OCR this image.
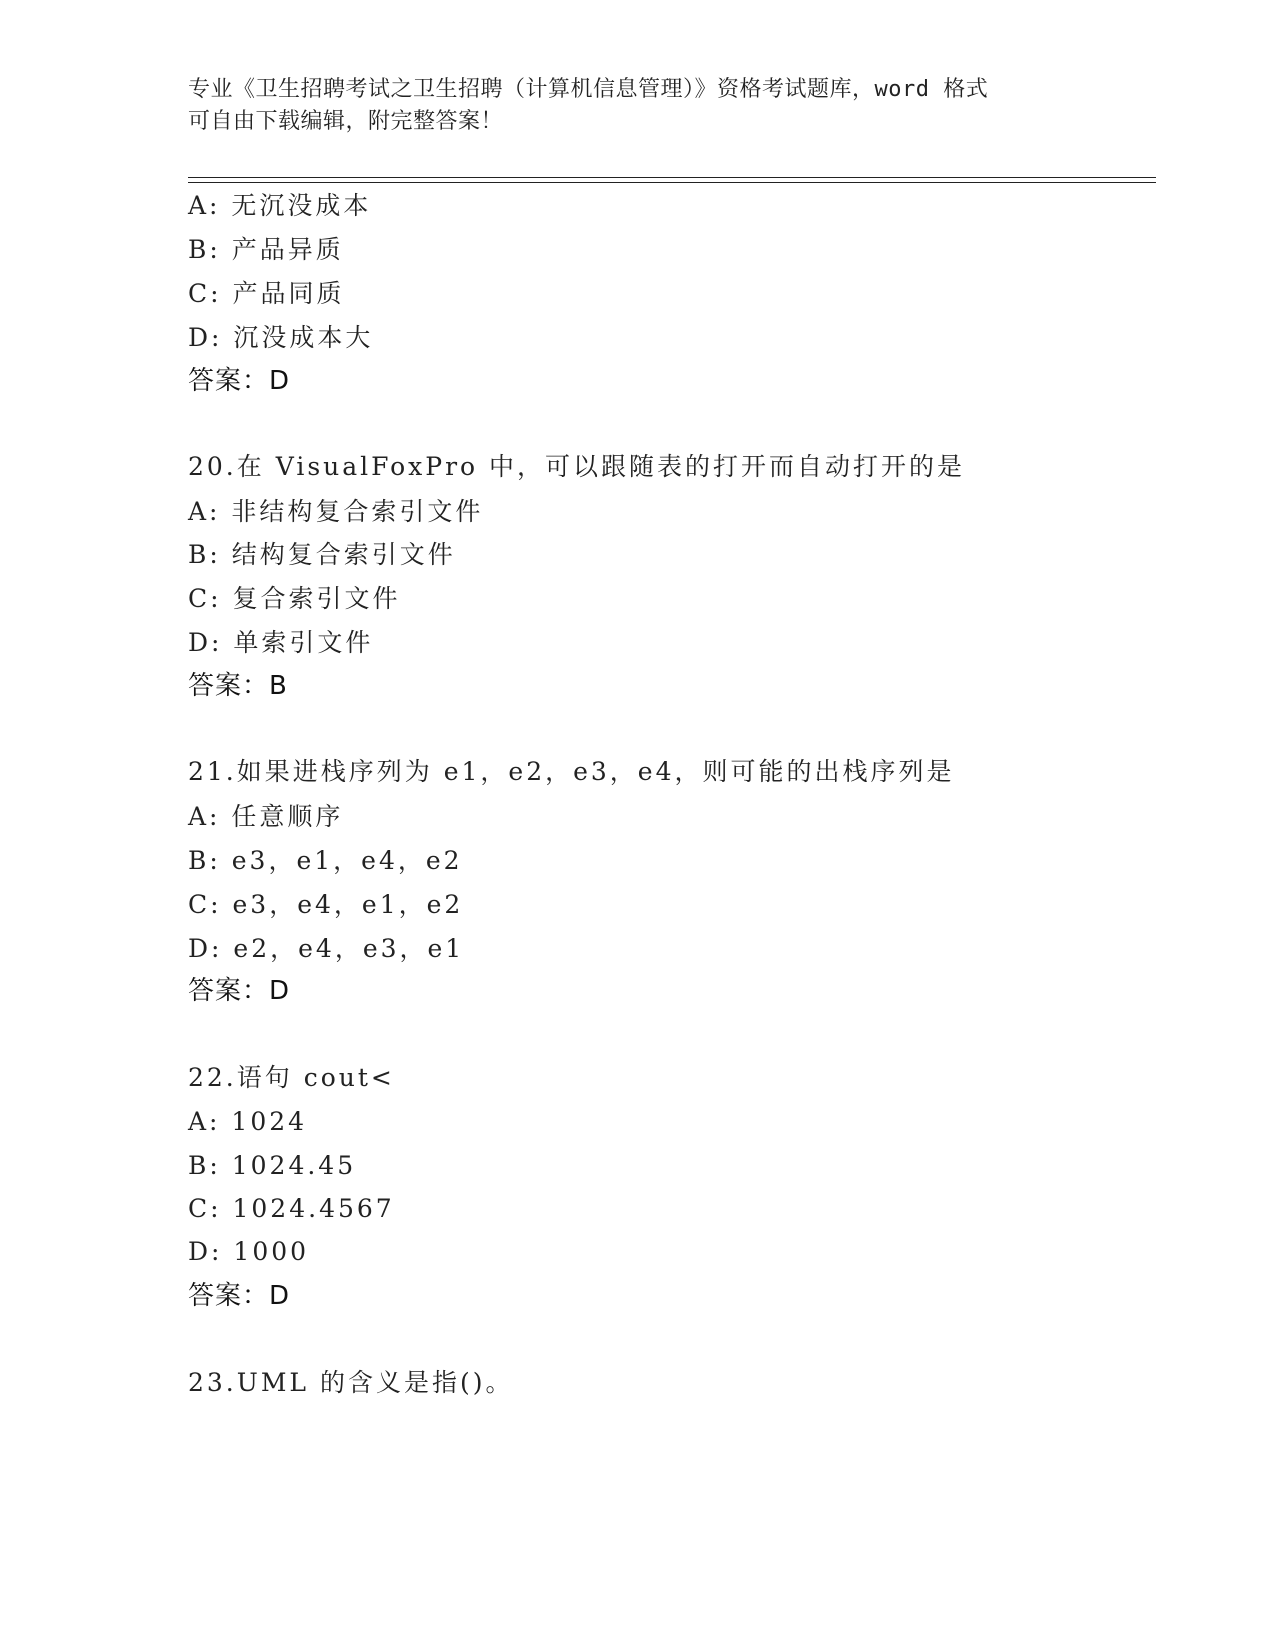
专业《卫生招聘考试之卫生招聘（计算机信息管理）》资格考试题库，word 格式
可自由下载编辑，附完整答案！
A: 无沉没成本
B: 产品异质
C: 产品同质
D: 沉没成本大
答案：D
20.在 VisualFoxPro 中，可以跟随表的打开而自动打开的是
A: 非结构复合索引文件
B: 结构复合索引文件
C: 复合索引文件
D: 单索引文件
答案：B
21.如果进栈序列为 e1，e2，e3，e4，则可能的出栈序列是
A: 任意顺序
B: e3，e1，e4，e2
C: e3，e4，e1，e2
D: e2，e4，e3，e1
答案：D
22.语句 cout<
A: 1024
B: 1024.45
C: 1024.4567
D: 1000
答案：D
23.UML 的含义是指()。
